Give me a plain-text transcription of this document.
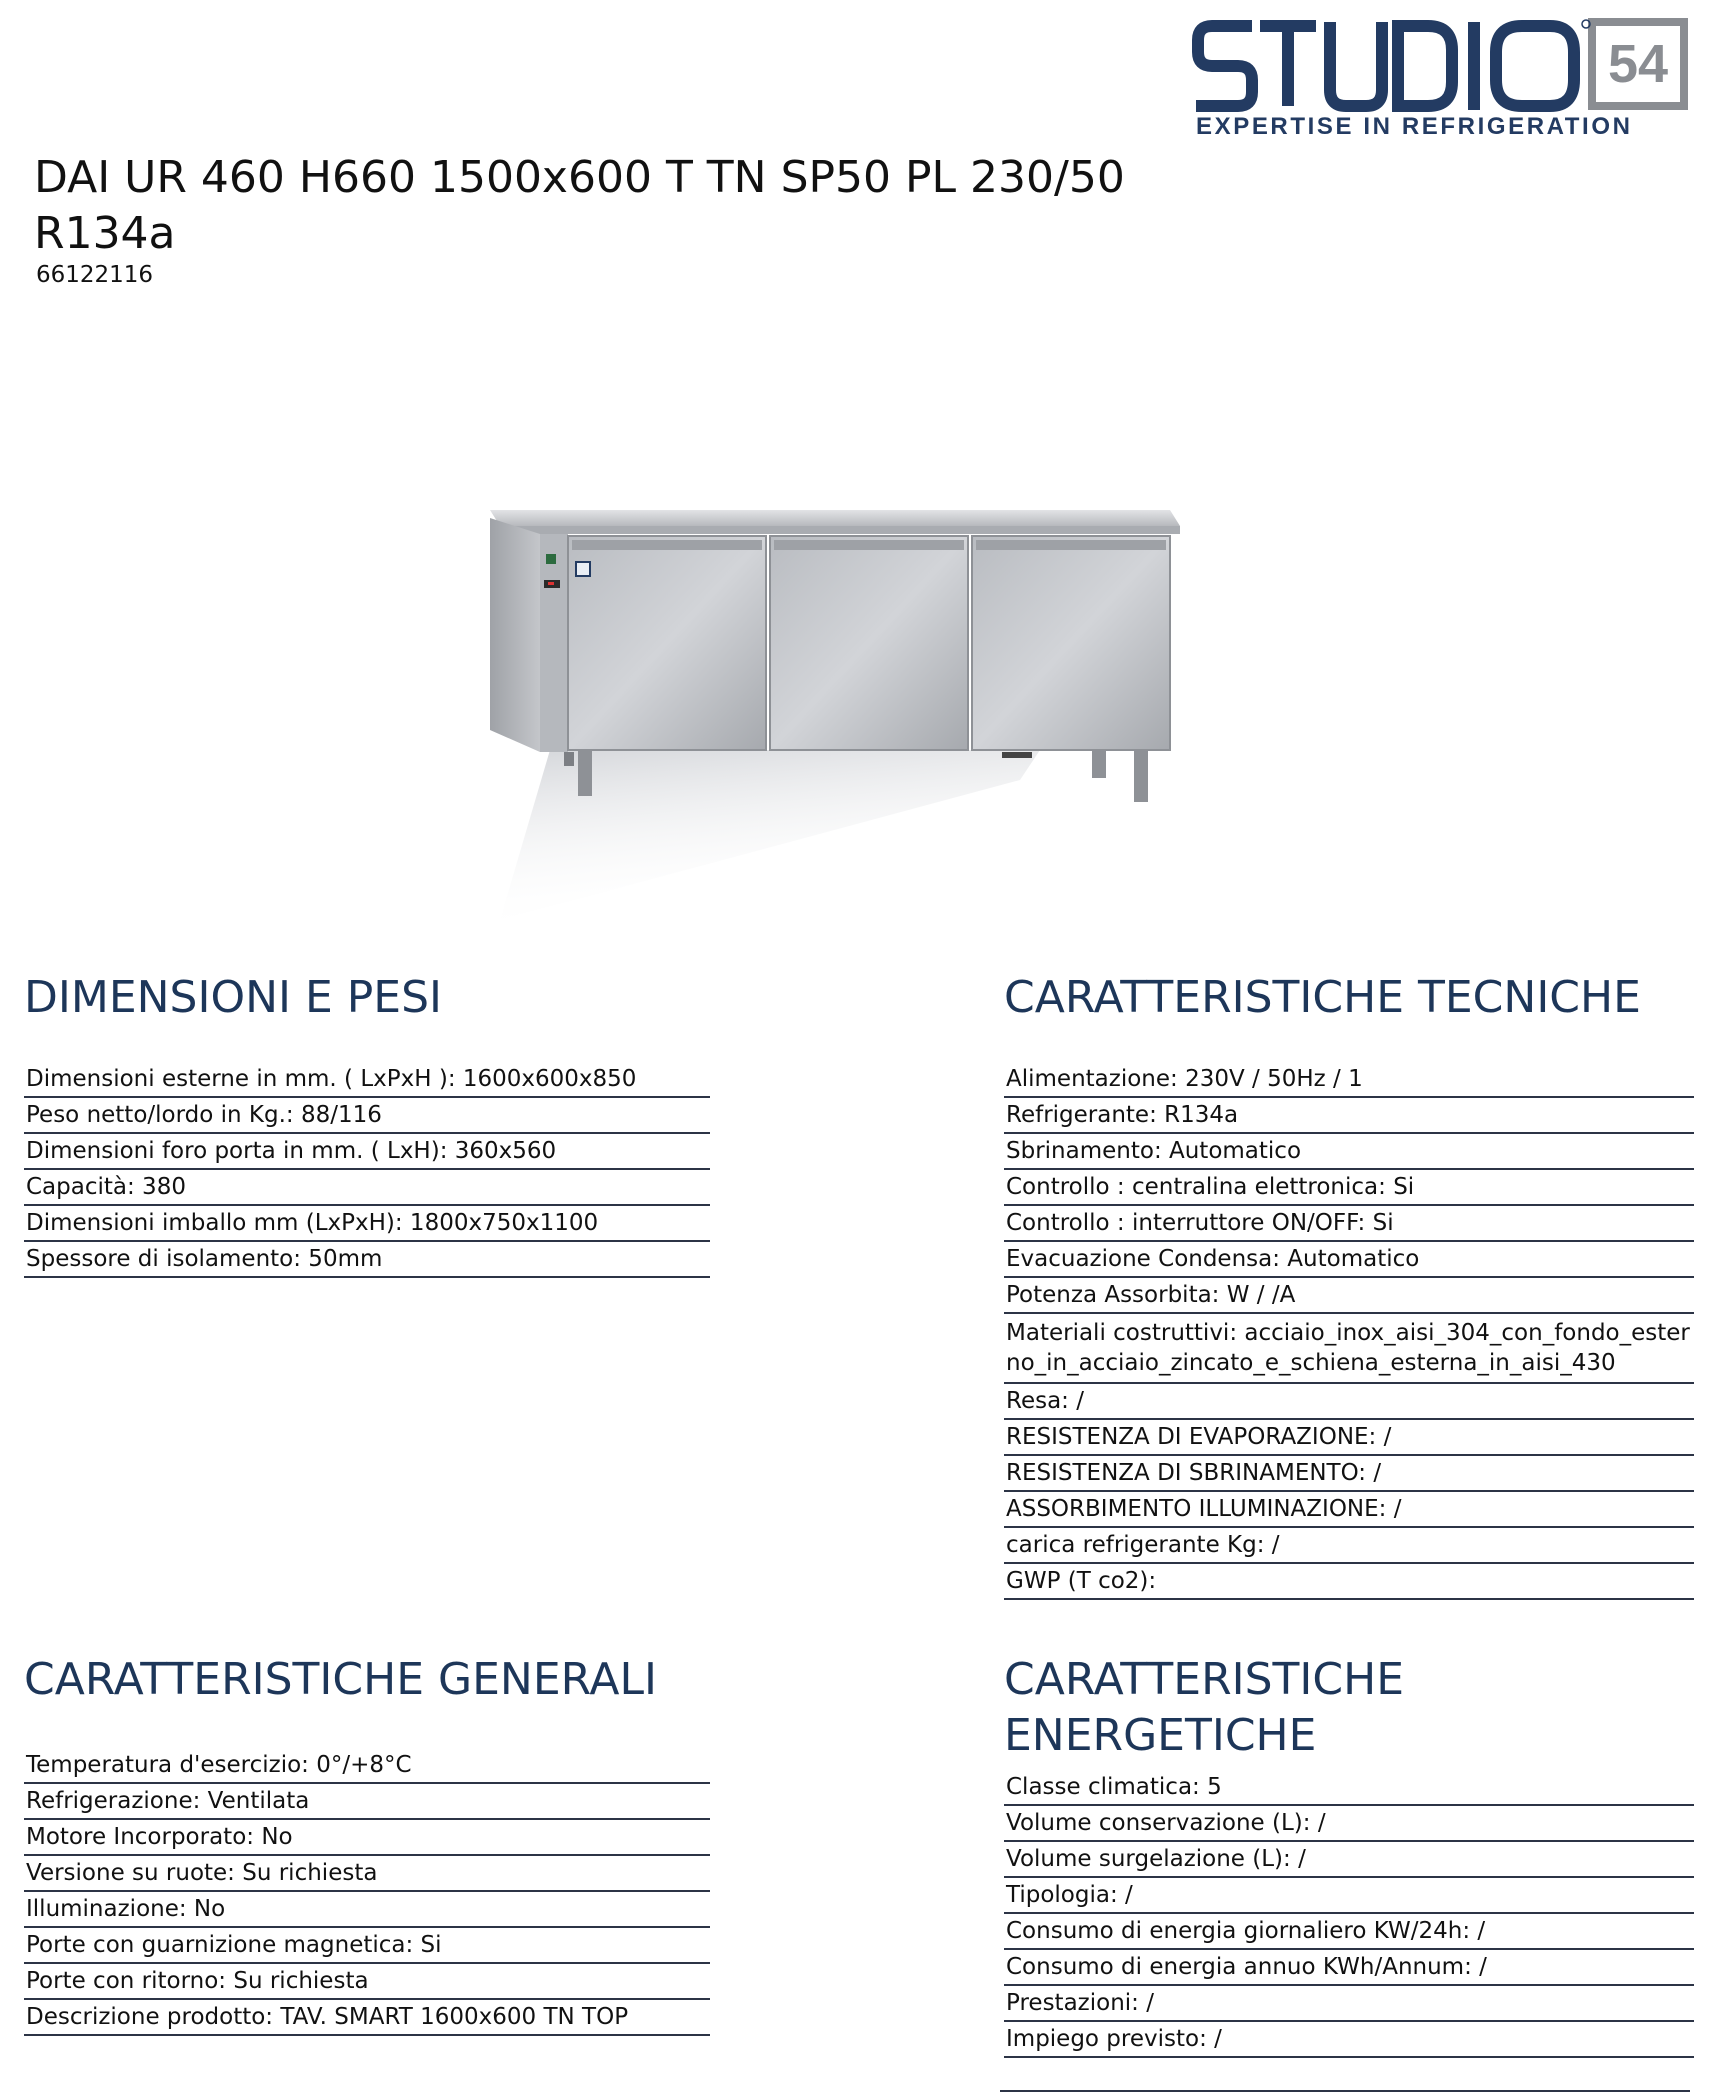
54
EXPERTISE IN REFRIGERATION
DAI UR 460 H660 1500x600 T TN SP50 PL 230/50 R134a
66122116
DIMENSIONI E PESI
Dimensioni esterne in mm. ( LxPxH ): 1600x600x850
Peso netto/lordo in Kg.: 88/116
Dimensioni foro porta in mm. ( LxH): 360x560
Capacità: 380
Dimensioni imballo mm (LxPxH): 1800x750x1100
Spessore di isolamento: 50mm
CARATTERISTICHE TECNICHE
Alimentazione: 230V / 50Hz / 1
Refrigerante: R134a
Sbrinamento: Automatico
Controllo : centralina elettronica: Si
Controllo : interruttore ON/OFF: Si
Evacuazione Condensa: Automatico
Potenza Assorbita: W / /A
Materiali costruttivi: acciaio_inox_aisi_304_con_fondo_esterno_in_acciaio_zincato_e_schiena_esterna_in_aisi_430
Resa: /
RESISTENZA DI EVAPORAZIONE: /
RESISTENZA DI SBRINAMENTO: /
ASSORBIMENTO ILLUMINAZIONE: /
carica refrigerante Kg: /
GWP (T co2):
CARATTERISTICHE GENERALI
Temperatura d'esercizio: 0°/+8°C
Refrigerazione: Ventilata
Motore Incorporato: No
Versione su ruote: Su richiesta
Illuminazione: No
Porte con guarnizione magnetica: Si
Porte con ritorno: Su richiesta
Descrizione prodotto: TAV. SMART 1600x600 TN TOP
CARATTERISTICHE ENERGETICHE
Classe climatica: 5
Volume conservazione (L): /
Volume surgelazione (L): /
Tipologia: /
Consumo di energia giornaliero KW/24h: /
Consumo di energia annuo KWh/Annum: /
Prestazioni: /
Impiego previsto: /
